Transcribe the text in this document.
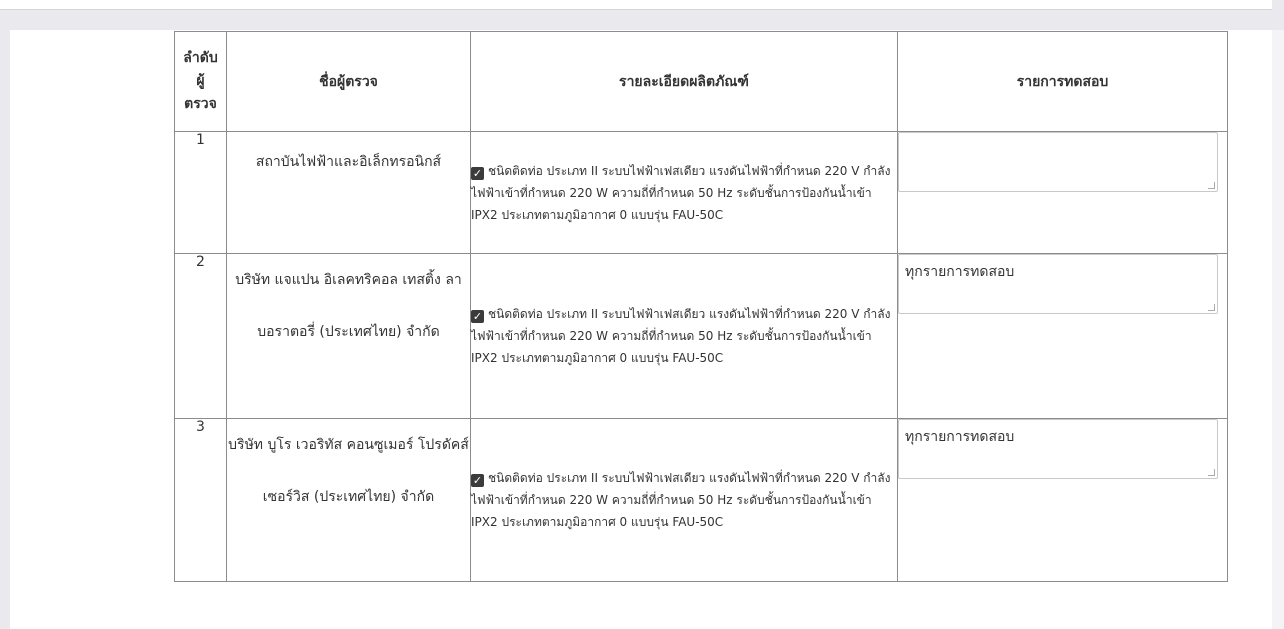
ลำดับ
ผู้
ตรวจ	ชื่อผู้ตรวจ	รายละเอียดผลิตภัณฑ์	รายการทดสอบ
1	สถาบันไฟฟ้าและอิเล็กทรอนิกส์	✓ ชนิดติดท่อ ประเภท II ระบบไฟฟ้าเฟสเดียว แรงดันไฟฟ้าที่กำหนด 220 V กำลังไฟฟ้าเข้าที่กำหนด 220 W ความถี่ที่กำหนด 50 Hz ระดับชั้นการป้องกันน้ำเข้า IPX2 ประเภทตามภูมิอากาศ 0 แบบรุ่น FAU-50C	

2	บริษัท แจแปน อิเลคทริคอล เทสติ้ง ลาบอราตอรี่ (ประเทศไทย) จำกัด	✓ ชนิดติดท่อ ประเภท II ระบบไฟฟ้าเฟสเดียว แรงดันไฟฟ้าที่กำหนด 220 V กำลังไฟฟ้าเข้าที่กำหนด 220 W ความถี่ที่กำหนด 50 Hz ระดับชั้นการป้องกันน้ำเข้า IPX2 ประเภทตามภูมิอากาศ 0 แบบรุ่น FAU-50C	ทุกรายการทดสอบ

3	บริษัท บูโร เวอริทัส คอนซูเมอร์ โปรดัคส์ เซอร์วิส (ประเทศไทย) จำกัด	✓ ชนิดติดท่อ ประเภท II ระบบไฟฟ้าเฟสเดียว แรงดันไฟฟ้าที่กำหนด 220 V กำลังไฟฟ้าเข้าที่กำหนด 220 W ความถี่ที่กำหนด 50 Hz ระดับชั้นการป้องกันน้ำเข้า IPX2 ประเภทตามภูมิอากาศ 0 แบบรุ่น FAU-50C	ทุกรายการทดสอบ
